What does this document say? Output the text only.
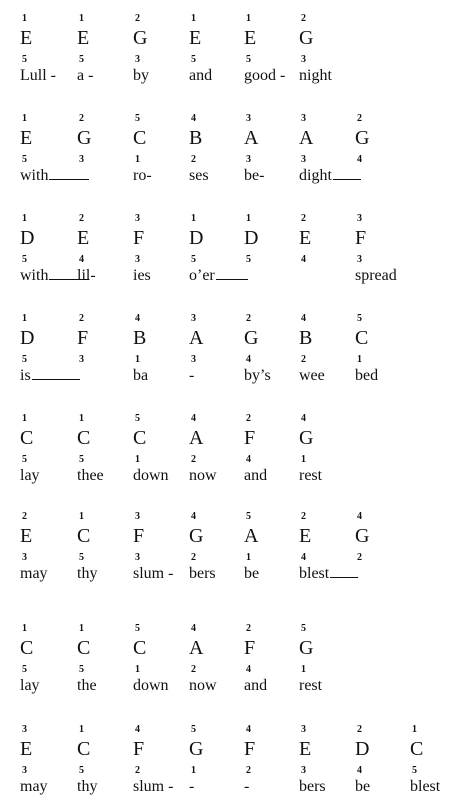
1
E
5
Lull -
1
E
5
a -
2
G
3
by
1
E
5
and
1
E
5
good -
2
G
3
night
1
E
5
with
2
G
3
5
C
1
ro-
4
B
2
ses
3
A
3
be-
3
A
3
dight
2
G
4
1
D
5
with
2
E
4
lil-
3
F
3
ies
1
D
5
o’er
1
D
5
2
E
4
3
F
3
spread
1
D
5
is
2
F
3
4
B
1
ba
3
A
3
-
2
G
4
by’s
4
B
2
wee
5
C
1
bed
1
C
5
lay
1
C
5
thee
5
C
1
down
4
A
2
now
2
F
4
and
4
G
1
rest
2
E
3
may
1
C
5
thy
3
F
3
slum -
4
G
2
bers
5
A
1
be
2
E
4
blest
4
G
2
1
C
5
lay
1
C
5
the
5
C
1
down
4
A
2
now
2
F
4
and
5
G
1
rest
3
E
3
may
1
C
5
thy
4
F
2
slum -
5
G
1
-
4
F
2
-
3
E
3
bers
2
D
4
be
1
C
5
blest
